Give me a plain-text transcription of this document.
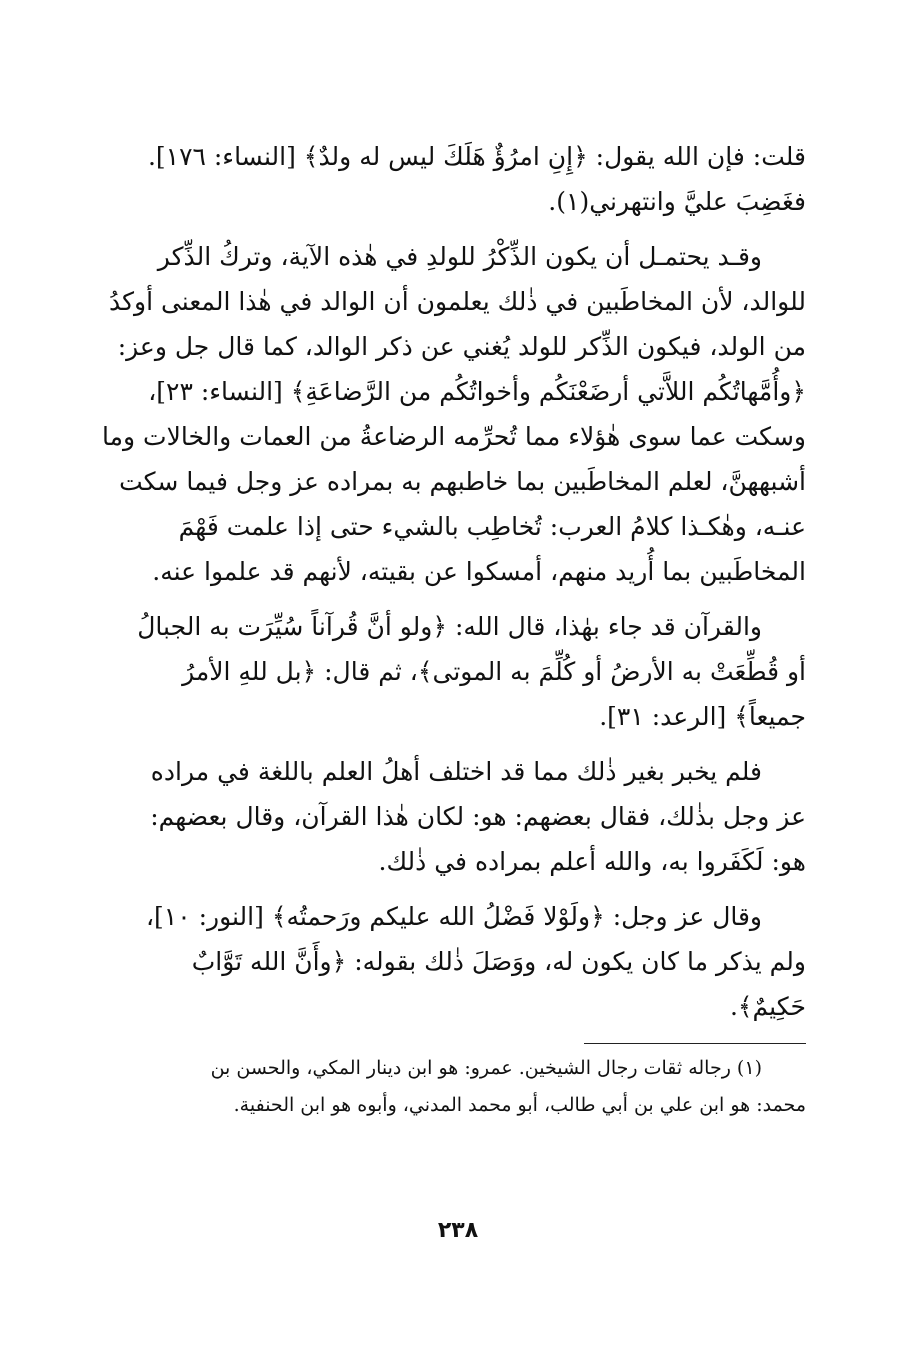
قلت: فإن الله يقول: ﴿إِنِ امرُؤٌ هَلَكَ ليس له ولدٌ﴾ [النساء: ١٧٦].
فغَضِبَ عليَّ وانتهرني(١).

وقـد يحتمـل أن يكون الذِّكْرُ للولدِ في هٰذه الآية، وتركُ الذِّكر
للوالد، لأن المخاطَبين في ذٰلك يعلمون أن الوالد في هٰذا المعنى أوكدُ
من الولد، فيكون الذِّكر للولد يُغني عن ذكر الوالد، كما قال جل وعز:
﴿وأُمَّهاتُكُم اللاَّتي أرضَعْنَكُم وأخواتُكُم من الرَّضاعَةِ﴾ [النساء: ٢٣]،
وسكت عما سوى هٰؤلاء مما تُحرِّمه الرضاعةُ من العمات والخالات وما
أشبههنَّ، لعلم المخاطَبين بما خاطبهم به بمراده عز وجل فيما سكت
عنـه، وهٰكـذا كلامُ العرب: تُخاطِب بالشيء حتى إذا علمت فَهْمَ
المخاطَبين بما أُريد منهم، أمسكوا عن بقيته، لأنهم قد علموا عنه.

والقرآن قد جاء بهٰذا، قال الله: ﴿ولو أنَّ قُرآناً سُيِّرَت به الجبالُ
أو قُطِّعَتْ به الأرضُ أو كُلِّمَ به الموتى﴾، ثم قال: ﴿بل للهِ الأمرُ
جميعاً﴾ [الرعد: ٣١].

فلم يخبر بغير ذٰلك مما قد اختلف أهلُ العلم باللغة في مراده
عز وجل بذٰلك، فقال بعضهم: هو: لكان هٰذا القرآن، وقال بعضهم:
هو: لَكَفَروا به، والله أعلم بمراده في ذٰلك.

وقال عز وجل: ﴿ولَوْلا فَضْلُ الله عليكم ورَحمتُه﴾ [النور: ١٠]،
ولم يذكر ما كان يكون له، ووَصَلَ ذٰلك بقوله: ﴿وأَنَّ الله تَوَّابٌ
حَكِيمٌ﴾.

(١) رجاله ثقات رجال الشيخين. عمرو: هو ابن دينار المكي، والحسن بن
محمد: هو ابن علي بن أبي طالب، أبو محمد المدني، وأبوه هو ابن الحنفية.

٢٣٨
